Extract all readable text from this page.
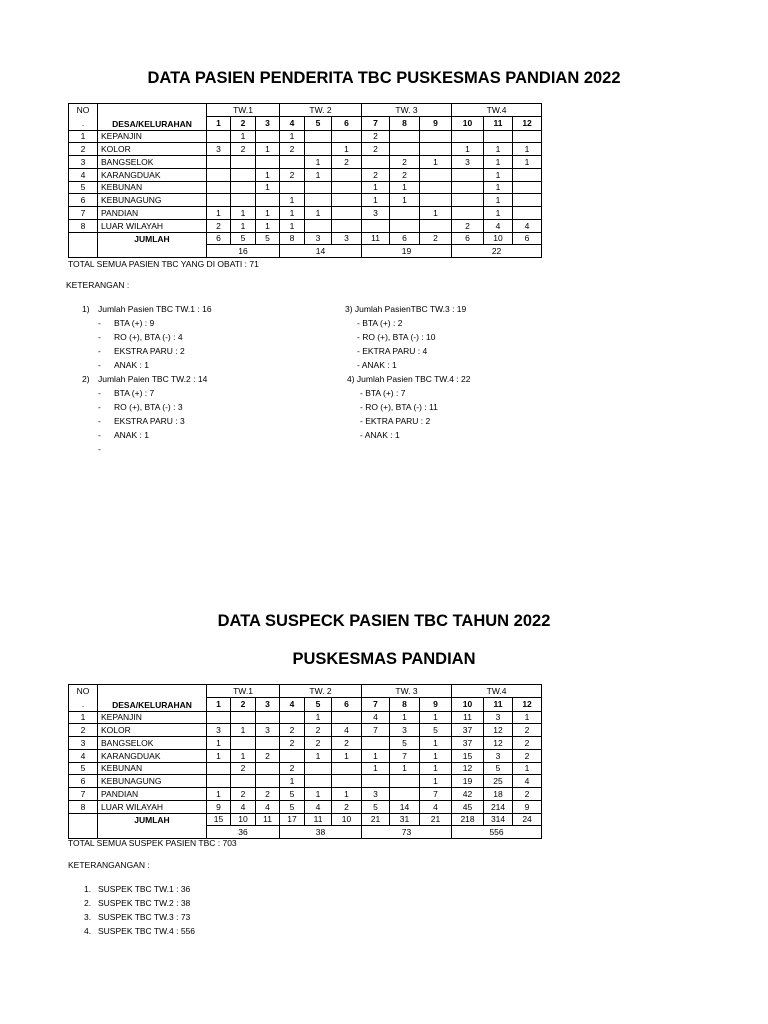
DATA PASIEN PENDERITA TBC PUSKESMAS PANDIAN 2022
NO
.	DESA/KELURAHAN	TW.1			TW. 2			TW. 3			TW.4		
		1	2	3	4	5	6	7	8	9	10	11	12
1	KEPANJIN		1		1			2					
2	KOLOR	3	2	1	2		1	2			1	1	1
3	BANGSELOK					1	2		2	1	3	1	1
4	KARANGDUAK			1	2	1		2	2			1	
5	KEBUNAN			1				1	1			1	
6	KEBUNAGUNG				1			1	1			1	
7	PANDIAN	1	1	1	1	1		3		1		1	
8	LUAR WILAYAH	2	1	1	1						2	4	4
	JUMLAH	6	5	5	8	3	3	11	6	2	6	10	6
		16			14			19			22		
TOTAL SEMUA PASIEN TBC YANG DI OBATI : 71
KETERANGAN :
1) Jumlah Pasien TBC TW.1 : 16
- BTA (+) : 9
- RO (+), BTA (-) : 4
- EKSTRA PARU : 2
- ANAK : 1
2) Jumlah Paien TBC TW.2 : 14
- BTA (+) : 7
- RO (+), BTA (-) : 3
- EKSTRA PARU : 3
- ANAK : 1
-
3) Jumlah PasienTBC TW.3 : 19
- BTA (+) : 2
- RO (+), BTA (-) : 10
- EKTRA PARU : 4
- ANAK : 1
4) Jumlah Pasien TBC TW.4 : 22
- BTA (+) : 7
- RO (+), BTA (-) : 11
- EKTRA PARU : 2
- ANAK : 1
DATA SUSPECK PASIEN TBC TAHUN 2022
PUSKESMAS PANDIAN
NO
.	DESA/KELURAHAN	TW.1			TW. 2			TW. 3			TW.4		
		1	2	3	4	5	6	7	8	9	10	11	12
1	KEPANJIN					1		4	1	1	11	3	1
2	KOLOR	3	1	3	2	2	4	7	3	5	37	12	2
3	BANGSELOK	1			2	2	2		5	1	37	12	2
4	KARANGDUAK	1	1	2		1	1	1	7	1	15	3	2
5	KEBUNAN		2		2			1	1	1	12	5	1
6	KEBUNAGUNG				1					1	19	25	4
7	PANDIAN	1	2	2	5	1	1	3		7	42	18	2
8	LUAR WILAYAH	9	4	4	5	4	2	5	14	4	45	214	9
	JUMLAH	15	10	11	17	11	10	21	31	21	218	314	24
		36			38			73			556		
TOTAL SEMUA SUSPEK PASIEN TBC : 703
KETERANGANGAN :
1. SUSPEK TBC TW.1 : 36
2. SUSPEK TBC TW.2 : 38
3. SUSPEK TBC TW.3 : 73
4. SUSPEK TBC TW.4 : 556
